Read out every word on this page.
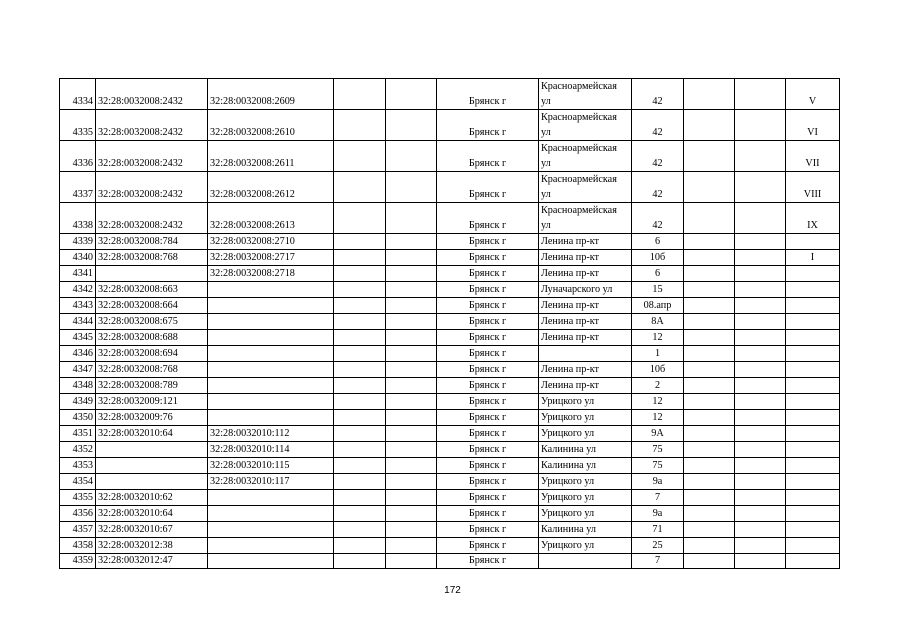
4334	32:28:0032008:2432	32:28:0032008:2609			Брянск г	Красноармейская ул	42			V
4335	32:28:0032008:2432	32:28:0032008:2610			Брянск г	Красноармейская ул	42			VI
4336	32:28:0032008:2432	32:28:0032008:2611			Брянск г	Красноармейская ул	42			VII
4337	32:28:0032008:2432	32:28:0032008:2612			Брянск г	Красноармейская ул	42			VIII
4338	32:28:0032008:2432	32:28:0032008:2613			Брянск г	Красноармейская ул	42			IX
4339	32:28:0032008:784	32:28:0032008:2710			Брянск г	Ленина пр-кт	6			
4340	32:28:0032008:768	32:28:0032008:2717			Брянск г	Ленина пр-кт	10б			I
4341		32:28:0032008:2718			Брянск г	Ленина пр-кт	6			
4342	32:28:0032008:663				Брянск г	Луначарского ул	15			
4343	32:28:0032008:664				Брянск г	Ленина пр-кт	08.апр			
4344	32:28:0032008:675				Брянск г	Ленина пр-кт	8А			
4345	32:28:0032008:688				Брянск г	Ленина пр-кт	12			
4346	32:28:0032008:694				Брянск г		1			
4347	32:28:0032008:768				Брянск г	Ленина пр-кт	10б			
4348	32:28:0032008:789				Брянск г	Ленина пр-кт	2			
4349	32:28:0032009:121				Брянск г	Урицкого ул	12			
4350	32:28:0032009:76				Брянск г	Урицкого ул	12			
4351	32:28:0032010:64	32:28:0032010:112			Брянск г	Урицкого ул	9А			
4352		32:28:0032010:114			Брянск г	Калинина ул	75			
4353		32:28:0032010:115			Брянск г	Калинина ул	75			
4354		32:28:0032010:117			Брянск г	Урицкого ул	9а			
4355	32:28:0032010:62				Брянск г	Урицкого ул	7			
4356	32:28:0032010:64				Брянск г	Урицкого ул	9а			
4357	32:28:0032010:67				Брянск г	Калинина ул	71			
4358	32:28:0032012:38				Брянск г	Урицкого ул	25			
4359	32:28:0032012:47				Брянск г		7			
172
